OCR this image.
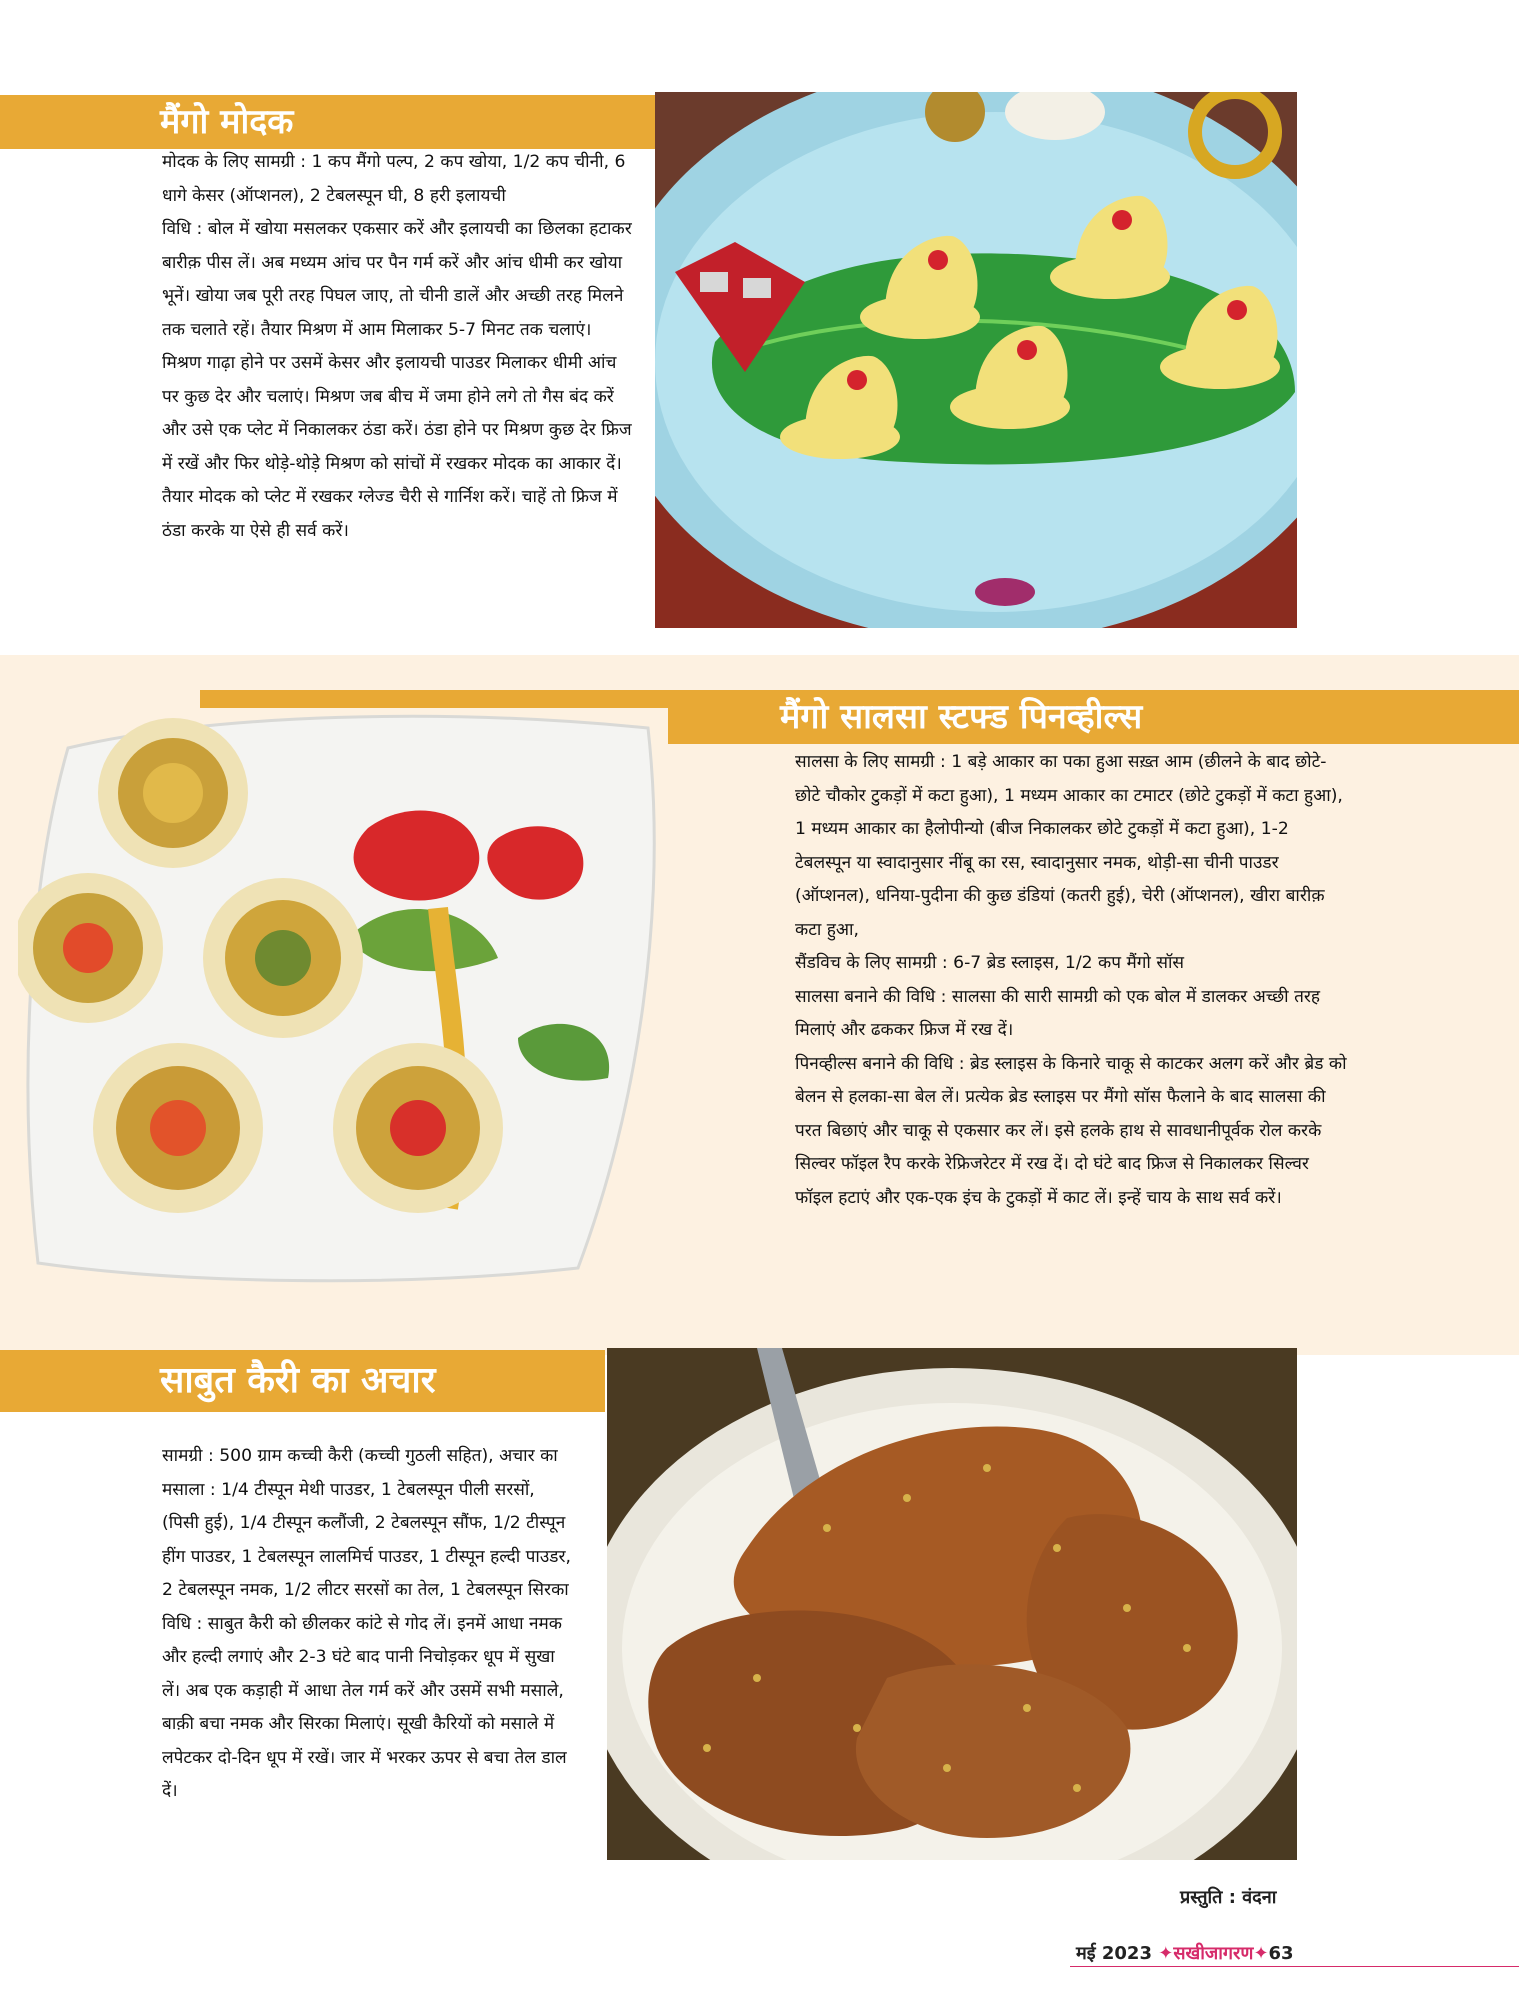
मैंगो मोदक

मोदक के लिए सामग्री : 1 कप मैंगो पल्प, 2 कप खोया, 1/2 कप चीनी, 6 धागे केसर (ऑप्शनल), 2 टेबलस्पून घी, 8 हरी इलायची

विधि : बोल में खोया मसलकर एकसार करें और इलायची का छिलका हटाकर बारीक़ पीस लें। अब मध्यम आंच पर पैन गर्म करें और आंच धीमी कर खोया भूनें। खोया जब पूरी तरह पिघल जाए, तो चीनी डालें और अच्छी तरह मिलने तक चलाते रहें। तैयार मिश्रण में आम मिलाकर 5-7 मिनट तक चलाएं। मिश्रण गाढ़ा होने पर उसमें केसर और इलायची पाउडर मिलाकर धीमी आंच पर कुछ देर और चलाएं। मिश्रण जब बीच में जमा होने लगे तो गैस बंद करें और उसे एक प्लेट में निकालकर ठंडा करें। ठंडा होने पर मिश्रण कुछ देर फ्रिज में रखें और फिर थोड़े-थोड़े मिश्रण को सांचों में रखकर मोदक का आकार दें। तैयार मोदक को प्लेट में रखकर ग्लेज्ड चैरी से गार्निश करें। चाहें तो फ्रिज में ठंडा करके या ऐसे ही सर्व करें।

मैंगो सालसा स्टफ्ड पिनव्हील्स

सालसा के लिए सामग्री : 1 बड़े आकार का पका हुआ सख़्त आम (छीलने के बाद छोटे-छोटे चौकोर टुकड़ों में कटा हुआ), 1 मध्यम आकार का टमाटर (छोटे टुकड़ों में कटा हुआ), 1 मध्यम आकार का हैलोपीन्यो (बीज निकालकर छोटे टुकड़ों में कटा हुआ), 1-2 टेबलस्पून या स्वादानुसार नींबू का रस, स्वादानुसार नमक, थोड़ी-सा चीनी पाउडर (ऑप्शनल), धनिया-पुदीना की कुछ डंडियां (कतरी हुई), चेरी (ऑप्शनल), खीरा बारीक़ कटा हुआ,

सैंडविच के लिए सामग्री : 6-7 ब्रेड स्लाइस, 1/2 कप मैंगो सॉस

सालसा बनाने की विधि : सालसा की सारी सामग्री को एक बोल में डालकर अच्छी तरह मिलाएं और ढककर फ्रिज में रख दें।

पिनव्हील्स बनाने की विधि : ब्रेड स्लाइस के किनारे चाकू से काटकर अलग करें और ब्रेड को बेलन से हलका-सा बेल लें। प्रत्येक ब्रेड स्लाइस पर मैंगो सॉस फैलाने के बाद सालसा की परत बिछाएं और चाकू से एकसार कर लें। इसे हलके हाथ से सावधानीपूर्वक रोल करके सिल्वर फॉइल रैप करके रेफ्रिजरेटर में रख दें। दो घंटे बाद फ्रिज से निकालकर सिल्वर फॉइल हटाएं और एक-एक इंच के टुकड़ों में काट लें। इन्हें चाय के साथ सर्व करें।

साबुत कैरी का अचार

सामग्री : 500 ग्राम कच्ची कैरी (कच्ची गुठली सहित), अचार का मसाला : 1/4 टीस्पून मेथी पाउडर, 1 टेबलस्पून पीली सरसों, (पिसी हुई), 1/4 टीस्पून कलौंजी, 2 टेबलस्पून सौंफ, 1/2 टीस्पून हींग पाउडर, 1 टेबलस्पून लालमिर्च पाउडर, 1 टीस्पून हल्दी पाउडर, 2 टेबलस्पून नमक, 1/2 लीटर सरसों का तेल, 1 टेबलस्पून सिरका

विधि : साबुत कैरी को छीलकर कांटे से गोद लें। इनमें आधा नमक और हल्दी लगाएं और 2-3 घंटे बाद पानी निचोड़कर धूप में सुखा लें। अब एक कड़ाही में आधा तेल गर्म करें और उसमें सभी मसाले, बाक़ी बचा नमक और सिरका मिलाएं। सूखी कैरियों को मसाले में लपेटकर दो-दिन धूप में रखें। जार में भरकर ऊपर से बचा तेल डाल दें।

प्रस्तुति : वंदना
मई 2023 ✦सखीजागरण✦63
